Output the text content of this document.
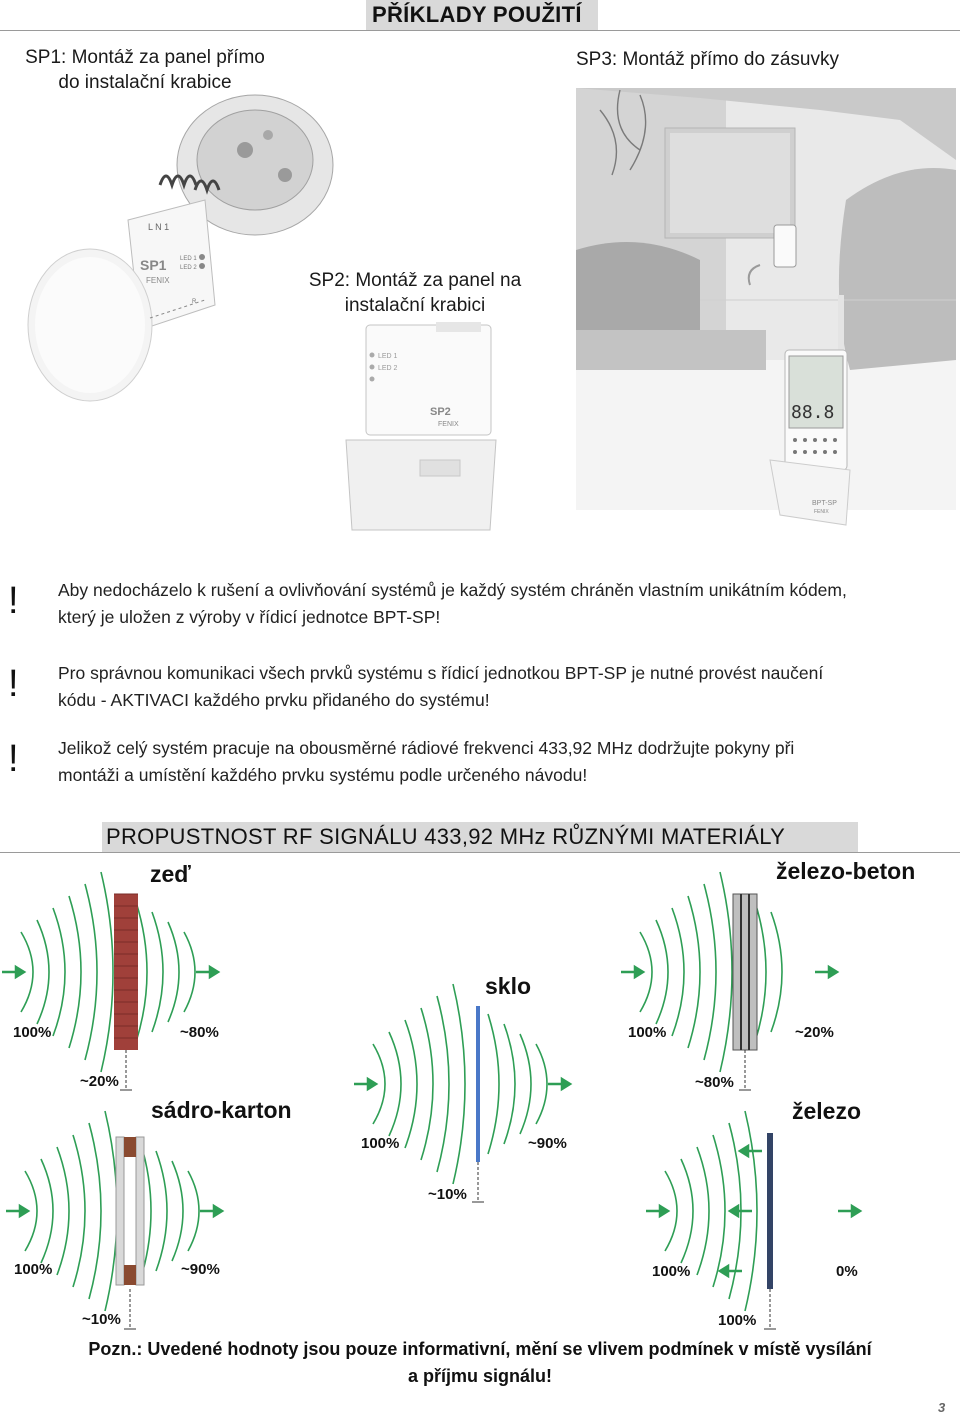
PŘÍKLADY POUŽITÍ
SP1: Montáž za panel přímo
do instalační krabice
SP3: Montáž přímo do zásuvky
SP2: Montáž za panel na
instalační krabici
L N 1
SP1
FENIX
LED 1
LED 2
R
LED 1
LED 2
SP2
FENIX
88.8
BPT-SP
FENIX
! Aby nedocházelo k rušení a ovlivňování systémů je každý systém chráněn vlastním unikátním kódem,
který je uložen z výroby v řídicí jednotce BPT-SP!
! Pro správnou komunikaci všech prvků systému s řídicí jednotkou BPT-SP je nutné provést naučení
kódu - AKTIVACI každého prvku přidaného do systému!
! Jelikož celý systém pracuje na obousměrné rádiové frekvenci 433,92 MHz dodržujte pokyny při
montáži a umístění každého prvku systému podle určeného návodu!
PROPUSTNOST RF SIGNÁLU 433,92 MHz RŮZNÝMI MATERIÁLY
zeď	železo-beton
sklo
sádro-karton	železo
100%	~80%
~20%
100%	~20%
~80%
100%	~90%
~10%
100%	~90%
~10%
100%	0%
100%
Pozn.: Uvedené hodnoty jsou pouze informativní, mění se vlivem podmínek v místě vysílání
a příjmu signálu!
3
